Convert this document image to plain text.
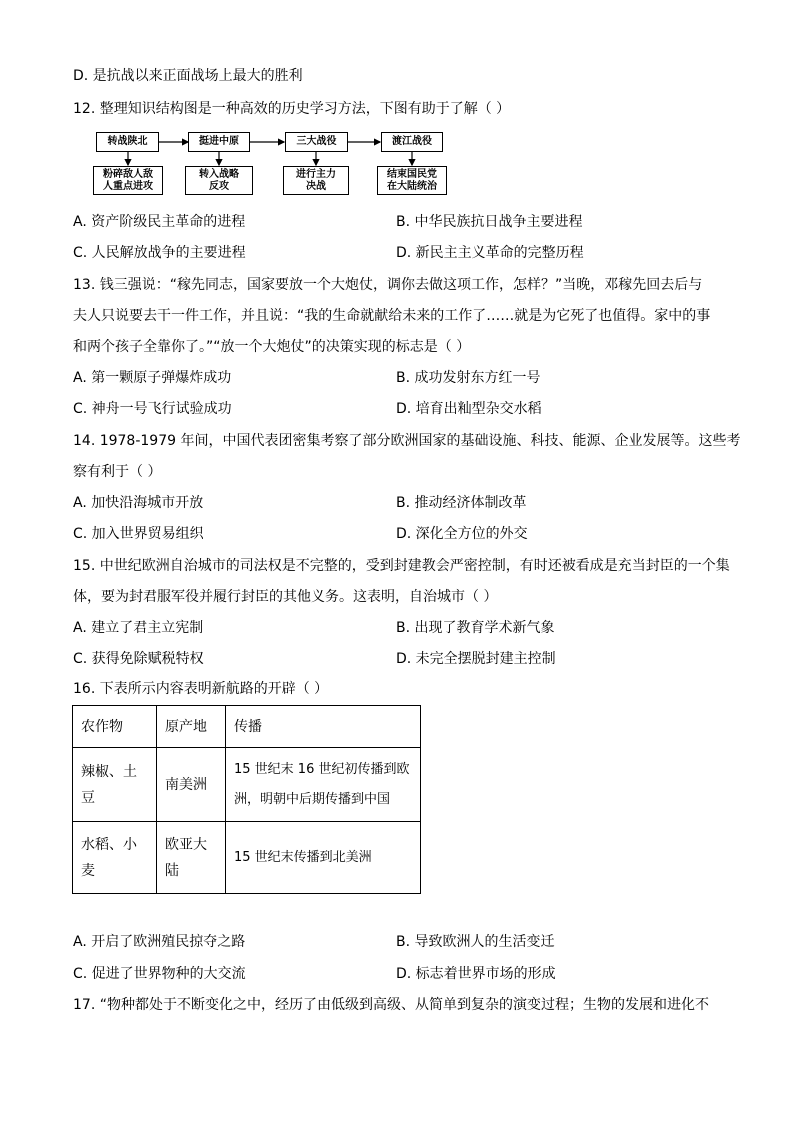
D. 是抗战以来正面战场上最大的胜利
12. 整理知识结构图是一种高效的历史学习方法，下图有助于了解（ ）
转战陕北	挺进中原	三大战役	渡江战役
粉碎敌人敌
人重点进攻
转入战略
反攻
进行主力
决战
结束国民党
在大陆统治
A. 资产阶级民主革命的进程	B. 中华民族抗日战争主要进程
C. 人民解放战争的主要进程	D. 新民主主义革命的完整历程
13. 钱三强说：“稼先同志，国家要放一个大炮仗，调你去做这项工作，怎样？”当晚，邓稼先回去后与
夫人只说要去干一件工作，并且说：“我的生命就献给未来的工作了……就是为它死了也值得。家中的事
和两个孩子全靠你了。”“放一个大炮仗”的决策实现的标志是（ ）
A. 第一颗原子弹爆炸成功	B. 成功发射东方红一号
C. 神舟一号飞行试验成功	D. 培育出籼型杂交水稻
14. 1978-1979 年间，中国代表团密集考察了部分欧洲国家的基础设施、科技、能源、企业发展等。这些考
察有利于（ ）
A. 加快沿海城市开放	B. 推动经济体制改革
C. 加入世界贸易组织	D. 深化全方位的外交
15. 中世纪欧洲自治城市的司法权是不完整的，受到封建教会严密控制，有时还被看成是充当封臣的一个集
体，要为封君服军役并履行封臣的其他义务。这表明，自治城市（ ）
A. 建立了君主立宪制	B. 出现了教育学术新气象
C. 获得免除赋税特权	D. 未完全摆脱封建主控制
16. 下表所示内容表明新航路的开辟（ ）
农作物	原产地	传播
辣椒、土
豆	南美洲	15 世纪末 16 世纪初传播到欧
洲，明朝中后期传播到中国
水稻、小
麦	欧亚大
陆	15 世纪末传播到北美洲
A. 开启了欧洲殖民掠夺之路	B. 导致欧洲人的生活变迁
C. 促进了世界物种的大交流	D. 标志着世界市场的形成
17. “物种都处于不断变化之中，经历了由低级到高级、从简单到复杂的演变过程；生物的发展和进化不
